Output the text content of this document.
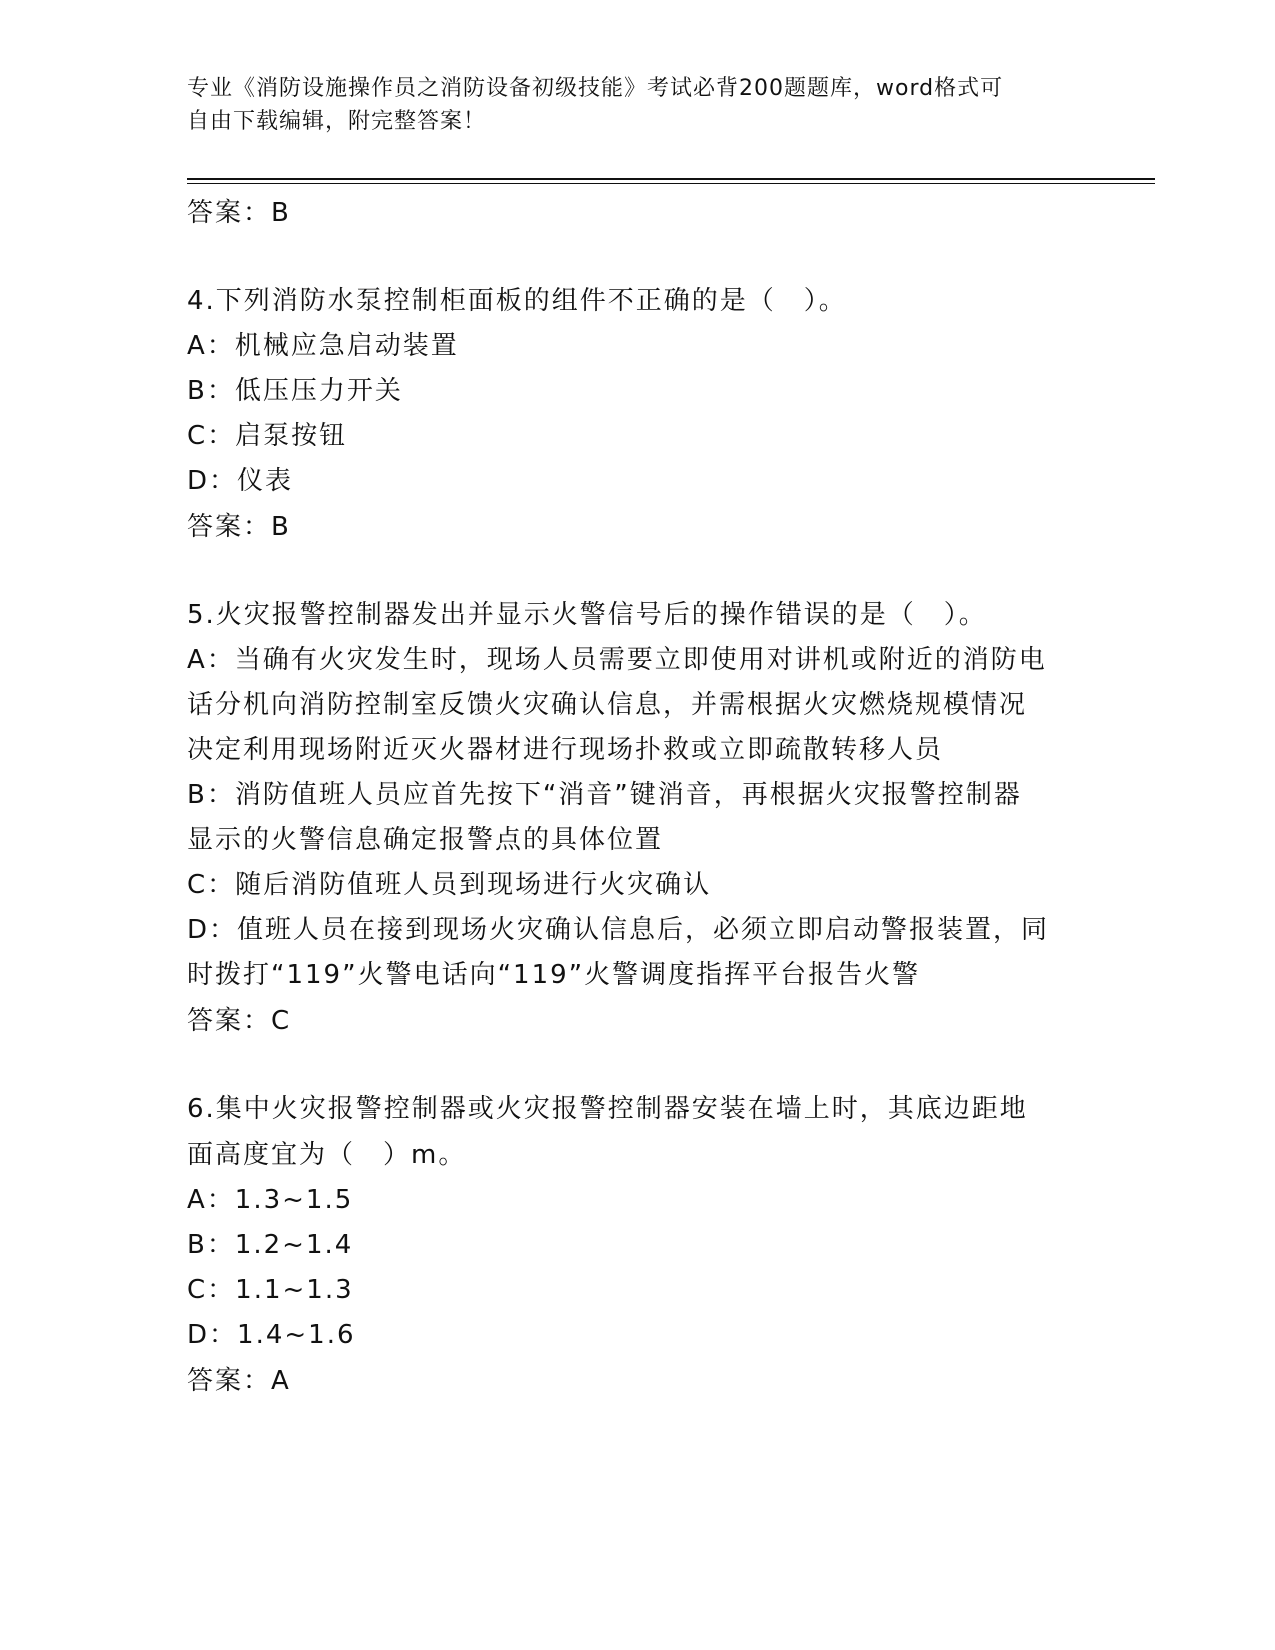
专业《消防设施操作员之消防设备初级技能》考试必背200题题库，word格式可
自由下载编辑，附完整答案！
答案：B
4.下列消防水泵控制柜面板的组件不正确的是（　）。
A：机械应急启动装置
B：低压压力开关
C：启泵按钮
D：仪表
答案：B
5.火灾报警控制器发出并显示火警信号后的操作错误的是（　）。
A：当确有火灾发生时，现场人员需要立即使用对讲机或附近的消防电
话分机向消防控制室反馈火灾确认信息，并需根据火灾燃烧规模情况
决定利用现场附近灭火器材进行现场扑救或立即疏散转移人员
B：消防值班人员应首先按下“消音”键消音，再根据火灾报警控制器
显示的火警信息确定报警点的具体位置
C：随后消防值班人员到现场进行火灾确认
D：值班人员在接到现场火灾确认信息后，必须立即启动警报装置，同
时拨打“119”火警电话向“119”火警调度指挥平台报告火警
答案：C
6.集中火灾报警控制器或火灾报警控制器安装在墙上时，其底边距地
面高度宜为（　）m。
A：1.3~1.5
B：1.2~1.4
C：1.1~1.3
D：1.4~1.6
答案：A
